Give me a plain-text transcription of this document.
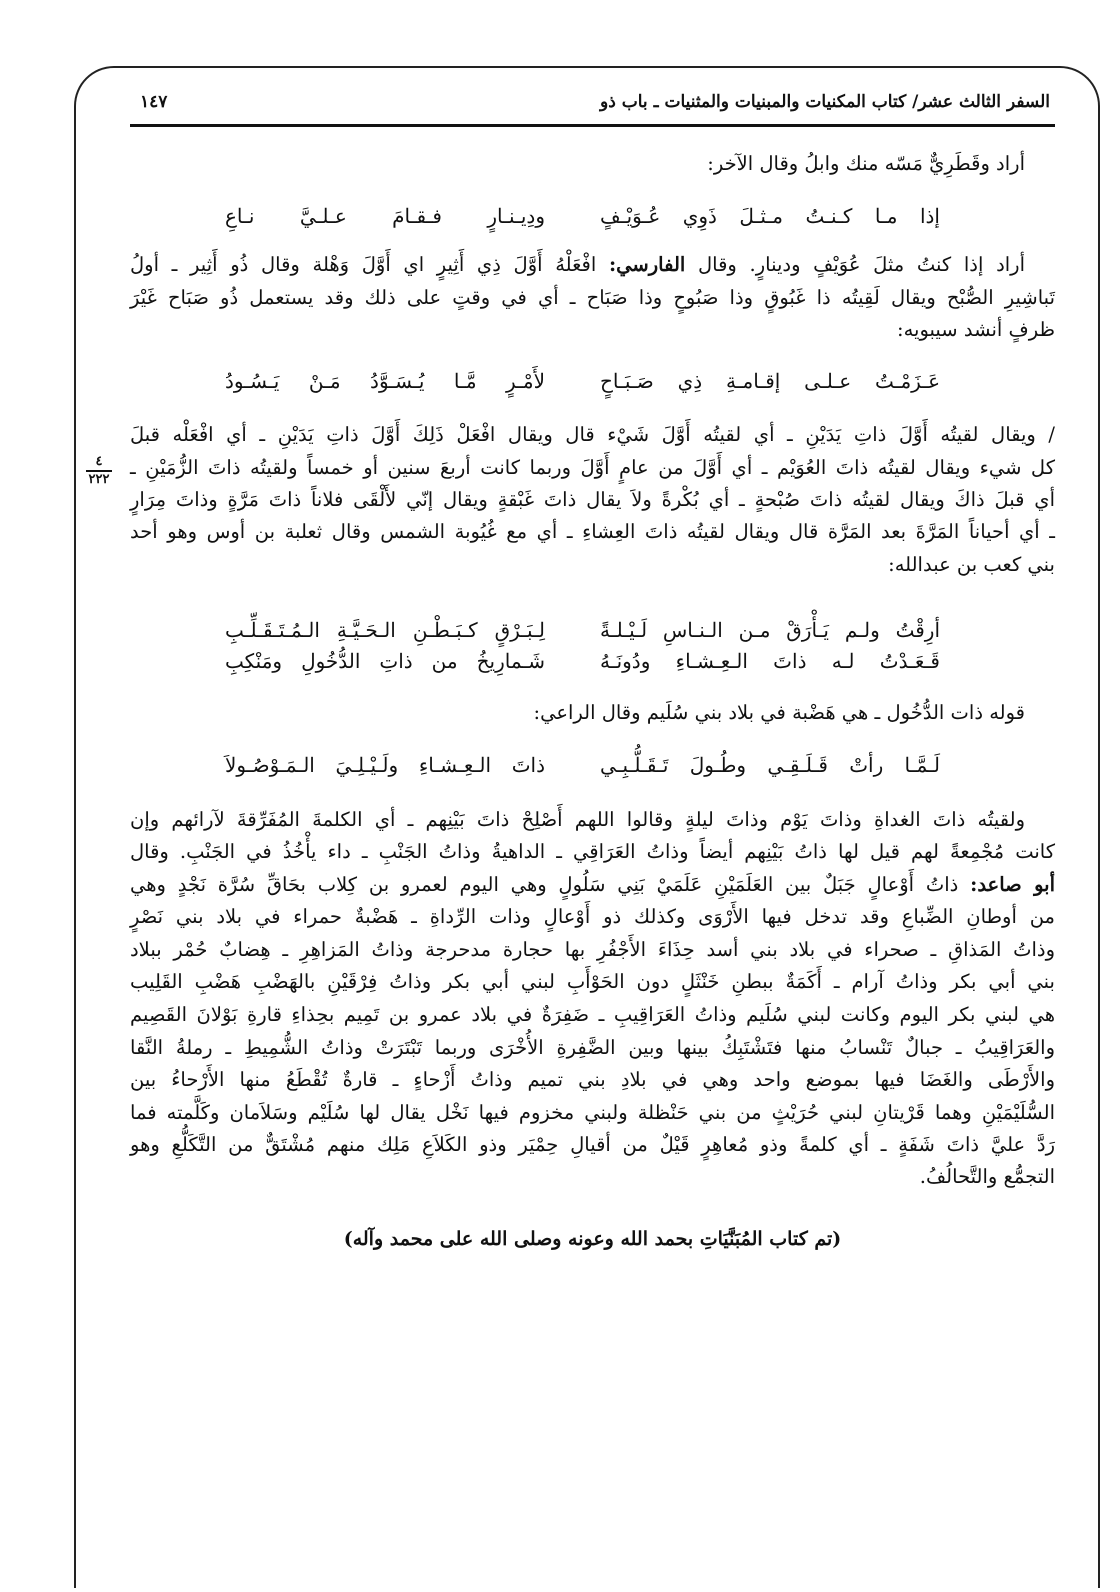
السفر الثالث عشر/ كتاب المكنيات والمبنيات والمثنيات ـ باب ذو
١٤٧
أراد وقَطَرِيٌّ مَسّه منك وابلُ وقال الآخر:
إذا مـا كـنـتُ مـثـلَ ذَوِي عُـوَيْـفٍ
ودِيـنـارٍ فـقـامَ عـلـيَّ نـاعِ
أراد إذا كنتُ مثلَ عُوَيْفٍ ودينارٍ. وقال الفارسي: افْعَلْهُ أَوَّلَ ذِي أَثِيرٍ اي أَوَّلَ وَهْلة وقال ذُو أَثِير ـ أولُ
تَباشِيرِ الصُّبْح ويقال لَقِيتُه ذا غَبُوقٍ وذا صَبُوحٍ وذا صَبَاح ـ أي في وقتٍ على ذلك وقد يستعمل ذُو صَبَاح غَيْرَ
ظرفٍ أنشد سيبويه:
عَـزَمْـتُ عـلـى إقـامـةِ ذِي صَـبَـاحٍ
لأَمْـرٍ مَّـا يُـسَـوَّدُ مَـنْ يَـسُـودُ
٤
٢٢٢
/ ويقال لقيتُه أَوَّلَ ذاتِ يَدَيْنِ ـ أي لقيتُه أَوَّلَ شَيْء قال ويقال افْعَلْ ذَلِكَ أَوَّلَ ذاتِ يَدَيْنِ ـ أي افْعَلْه قبلَ
كل شيء ويقال لقيتُه ذاتَ العُوَيْم ـ أي أَوَّلَ من عامٍ أَوَّلَ وربما كانت أربعَ سنين أو خمساً ولقيتُه ذاتَ الزُّمَيْنِ ـ
أي قبلَ ذاكَ ويقال لقيتُه ذاتَ صُبْحةٍ ـ أي بُكْرةً ولاَ يقال ذاتَ غَبْقةٍ ويقال إنّي لأَلْقَى فلاناً ذاتَ مَرَّةٍ وذاتَ مِرَارٍ
ـ أي أحياناً المَرَّةَ بعد المَرَّة قال ويقال لقيتُه ذاتَ العِشاءِ ـ أي مع غُيُوبة الشمس وقال ثعلبة بن أوس وهو أحد
بني كعب بن عبدالله:
أرِقْتُ ولـم يَـأْرَقْ مـن الـنـاسِ لَـيْـلـةً
لِـبَـرْقٍ كـبَـطْـنِ الـحَـيَّـةِ الـمُـتَـقَـلِّـبِ
قَـعَـدْتُ لـه ذاتَ الـعِـشـاءِ ودُونَـهُ
شَـمارِيخُ من ذاتِ الدُّخُولِ ومَنْكِبِ
قوله ذات الدُّخُول ـ هي هَضْبة في بلاد بني سُلَيم وقال الراعي:
لَـمَّـا رأتْ قَـلَـقِـي وطُـولَ تَـقَـلُّـبِـي
ذاتَ الـعِـشـاءِ ولَـيْـلِـيَ الـمَـوْصُـولاَ
ولقيتُه ذاتَ الغداةِ وذاتَ يَوْم وذاتَ ليلةٍ وقالوا اللهم أَصْلِحْ ذاتَ بَيْنِهم ـ أي الكلمةَ المُفَرِّقةَ لآرائهم وإن
كانت مُجْمِعةً لهم قيل لها ذاتُ بَيْنِهم أيضاً وذاتُ العَرَاقِي ـ الداهيةُ وذاتُ الجَنْبِ ـ داء يأْخُذُ في الجَنْبِ. وقال
أبو صاعد: ذاتُ أَوْعالٍ جَبَلٌ بين العَلَمَيْنِ عَلَمَيْ بَنِي سَلُولٍ وهي اليوم لعمرو بن كِلاب بحَاقِّ سُرَّة نَجْدٍ وهي
من أوطانِ الضِّباعِ وقد تدخل فيها الأَرْوَى وكذلك ذو أَوْعالٍ وذات الرِّداةِ ـ هَضْبةٌ حمراء في بلاد بني نَصْرٍ
وذاتُ المَذاقِ ـ صحراء في بلاد بني أسد حِذَاءَ الأَجْفُرِ بها حجارة مدحرجة وذاتُ المَزاهِرِ ـ هِضابٌ حُمْر ببلاد
بني أبي بكر وذاتُ آرام ـ أَكَمَةٌ ببطنِ خَنْثَلٍ دون الحَوْأَبِ لبني أبي بكر وذاتُ فِرْقَيْنِ بالهَضْبِ هَضْبِ القَلِيب
هي لبني بكر اليوم وكانت لبني سُلَيم وذاتُ العَرَاقِيبِ ـ ضَفِرَةٌ في بلاد عمرو بن تَمِيم بحِذاءِ قارةِ بَوْلانَ القَصِيم
والعَرَاقِيبُ ـ جبالٌ تَنْسابُ منها فتَشْتَبِكُ بينها وبين الضَّفِرةِ الأُخْرَى وربما تَبْتَرَتْ وذاتُ الشُّمِيطِ ـ رملةُ النَّقا
والأَرْطَى والغَضَا فيها بموضع واحد وهي في بلادِ بني تميم وذاتُ أَزْحاءٍ ـ قارةٌ تُقْطَعُ منها الأَرْحاءُ بين
السُّلَيْمَيْنِ وهما قَرْيتانِ لبني حُرَيْثٍ من بني حَنْظلة ولبني مخزوم فيها نَخْل يقال لها سُلَيْم وسَلاَمان وكَلَّمته فما
رَدَّ عليَّ ذاتَ شَفَةٍ ـ أي كلمةً وذو مُعاهِرٍ قَيْلٌ من أقيالِ حِمْيَر وذو الكَلاَعِ مَلِك منهم مُشْتَقٌّ من التَّكَلُّعِ وهو
التجمُّع والتَّحالُفُ.
(تم كتاب المُبَنَّيَاتِ بحمد الله وعونه وصلى الله على محمد وآله)
